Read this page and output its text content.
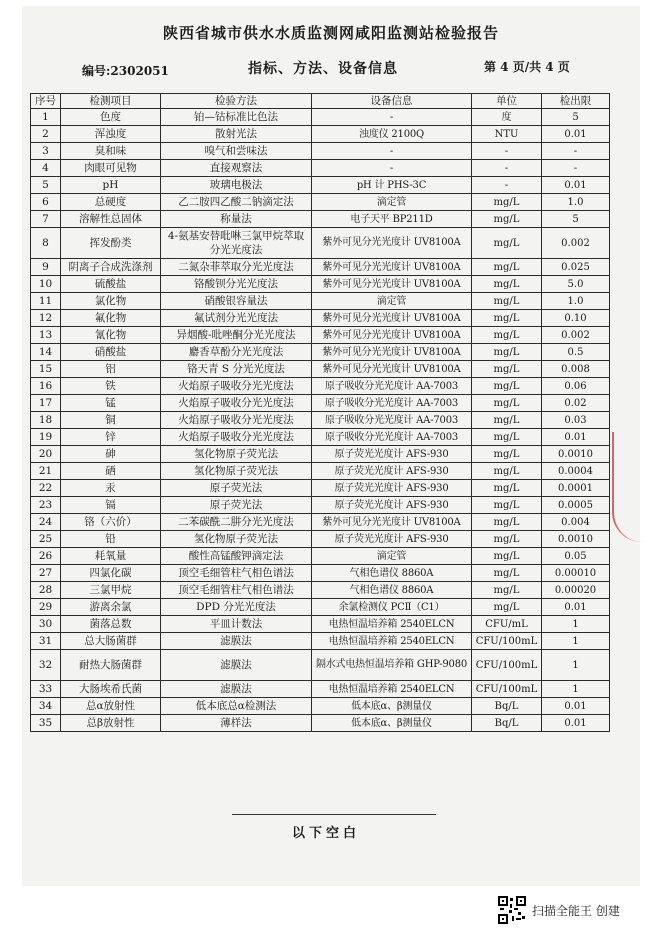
陕西省城市供水水质监测网咸阳监测站检验报告
编号:2302051	指标、方法、设备信息	第 4 页/共 4 页
序号	检测项目	检验方法	设备信息	单位	检出限
1	色度	铂—钴标准比色法	-	度	5
2	浑浊度	散射光法	浊度仪 2100Q	NTU	0.01
3	臭和味	嗅气和尝味法	-	-	-
4	肉眼可见物	直接观察法	-	-	-
5	pH	玻璃电极法	pH 计 PHS-3C	-	0.01
6	总硬度	乙二胺四乙酸二钠滴定法	滴定管	mg/L	1.0
7	溶解性总固体	称量法	电子天平 BP211D	mg/L	5
8	挥发酚类	4-氨基安替吡啉三氯甲烷萃取分光光度法	紫外可见分光光度计 UV8100A	mg/L	0.002
9	阴离子合成洗涤剂	二氮杂菲萃取分光光度法	紫外可见分光光度计 UV8100A	mg/L	0.025
10	硫酸盐	铬酸钡分光光度法	紫外可见分光光度计 UV8100A	mg/L	5.0
11	氯化物	硝酸银容量法	滴定管	mg/L	1.0
12	氟化物	氟试剂分光光度法	紫外可见分光光度计 UV8100A	mg/L	0.10
13	氰化物	异烟酸-吡唑酮分光光度法	紫外可见分光光度计 UV8100A	mg/L	0.002
14	硝酸盐	麝香草酚分光光度法	紫外可见分光光度计 UV8100A	mg/L	0.5
15	铝	铬天青 S 分光光度法	紫外可见分光光度计 UV8100A	mg/L	0.008
16	铁	火焰原子吸收分光光度法	原子吸收分光光度计 AA-7003	mg/L	0.06
17	锰	火焰原子吸收分光光度法	原子吸收分光光度计 AA-7003	mg/L	0.02
18	铜	火焰原子吸收分光光度法	原子吸收分光光度计 AA-7003	mg/L	0.03
19	锌	火焰原子吸收分光光度法	原子吸收分光光度计 AA-7003	mg/L	0.01
20	砷	氢化物原子荧光法	原子荧光光度计 AFS-930	mg/L	0.0010
21	硒	氢化物原子荧光法	原子荧光光度计 AFS-930	mg/L	0.0004
22	汞	原子荧光法	原子荧光光度计 AFS-930	mg/L	0.0001
23	镉	原子荧光法	原子荧光光度计 AFS-930	mg/L	0.0005
24	铬（六价）	二苯碳酰二肼分光光度法	紫外可见分光光度计 UV8100A	mg/L	0.004
25	铅	氢化物原子荧光法	原子荧光光度计 AFS-930	mg/L	0.0010
26	耗氧量	酸性高锰酸钾滴定法	滴定管	mg/L	0.05
27	四氯化碳	顶空毛细管柱气相色谱法	气相色谱仪 8860A	mg/L	0.00010
28	三氯甲烷	顶空毛细管柱气相色谱法	气相色谱仪 8860A	mg/L	0.00020
29	游离余氯	DPD 分光光度法	余氯检测仪 PCⅡ（C1）	mg/L	0.01
30	菌落总数	平皿计数法	电热恒温培养箱 2540ELCN	CFU/mL	1
31	总大肠菌群	滤膜法	电热恒温培养箱 2540ELCN	CFU/100mL	1
32	耐热大肠菌群	滤膜法	隔水式电热恒温培养箱 GHP-9080	CFU/100mL	1
33	大肠埃希氏菌	滤膜法	电热恒温培养箱 2540ELCN	CFU/100mL	1
34	总α放射性	低本底总α检测法	低本底α、β测量仪	Bq/L	0.01
35	总β放射性	薄样法	低本底α、β测量仪	Bq/L	0.01
以下空白
扫描全能王 创建
